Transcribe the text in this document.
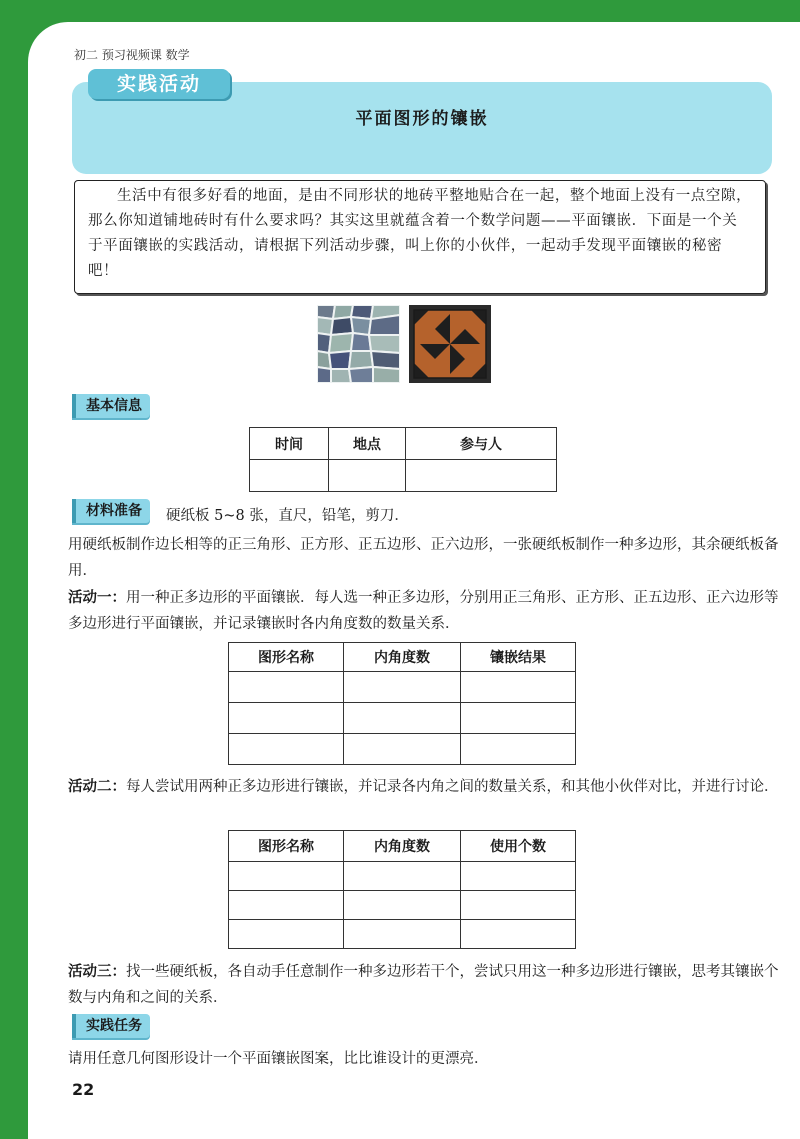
初二 预习视频课 数学
实践活动
平面图形的镶嵌
生活中有很多好看的地面，是由不同形状的地砖平整地贴合在一起，整个地面上没有一点空隙，那么你知道铺地砖时有什么要求吗？其实这里就蕴含着一个数学问题——平面镶嵌．下面是一个关于平面镶嵌的实践活动，请根据下列活动步骤，叫上你的小伙伴，一起动手发现平面镶嵌的秘密吧！
基本信息
时间	地点	参与人

材料准备	硬纸板 5~8 张，直尺，铅笔，剪刀．
用硬纸板制作边长相等的正三角形、正方形、正五边形、正六边形，一张硬纸板制作一种多边形，其余硬纸板备用．
活动一：用一种正多边形的平面镶嵌．每人选一种正多边形，分别用正三角形、正方形、正五边形、正六边形等多边形进行平面镶嵌，并记录镶嵌时各内角度数的数量关系．
图形名称	内角度数	镶嵌结果

活动二：每人尝试用两种正多边形进行镶嵌，并记录各内角之间的数量关系，和其他小伙伴对比，并进行讨论．
图形名称	内角度数	使用个数

活动三：找一些硬纸板，各自动手任意制作一种多边形若干个，尝试只用这一种多边形进行镶嵌，思考其镶嵌个数与内角和之间的关系．
实践任务
请用任意几何图形设计一个平面镶嵌图案，比比谁设计的更漂亮．
22
